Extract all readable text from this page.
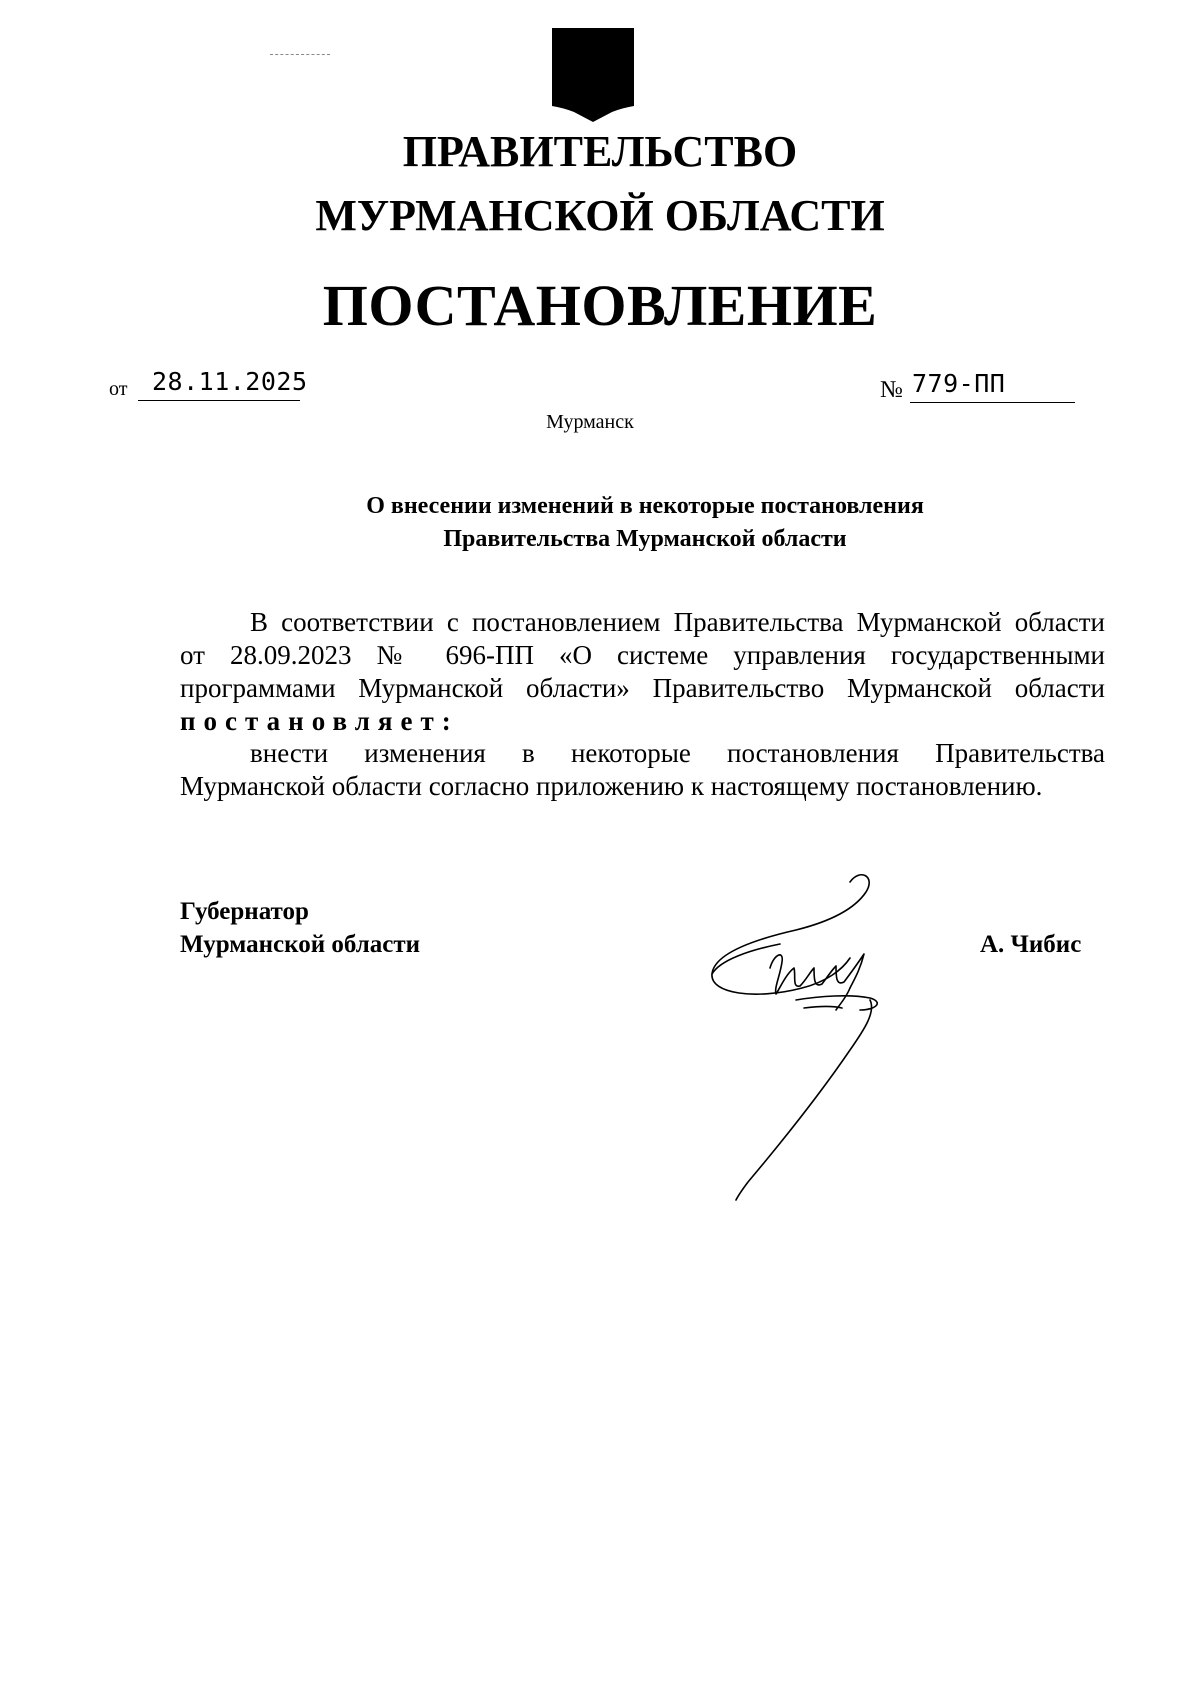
ПРАВИТЕЛЬСТВО
МУРМАНСКОЙ ОБЛАСТИ
ПОСТАНОВЛЕНИЕ
от 28.11.2025	№ 779-ПП
Мурманск
О внесении изменений в некоторые постановления
Правительства Мурманской области
В соответствии с постановлением Правительства Мурманской области
от 28.09.2023 № 696-ПП «О системе управления государственными
программами Мурманской области» Правительство Мурманской области
постановляет:

внести изменения в некоторые постановления Правительства Мурманской области согласно приложению к настоящему постановлению.

Губернатор
Мурманской области	А. Чибис
